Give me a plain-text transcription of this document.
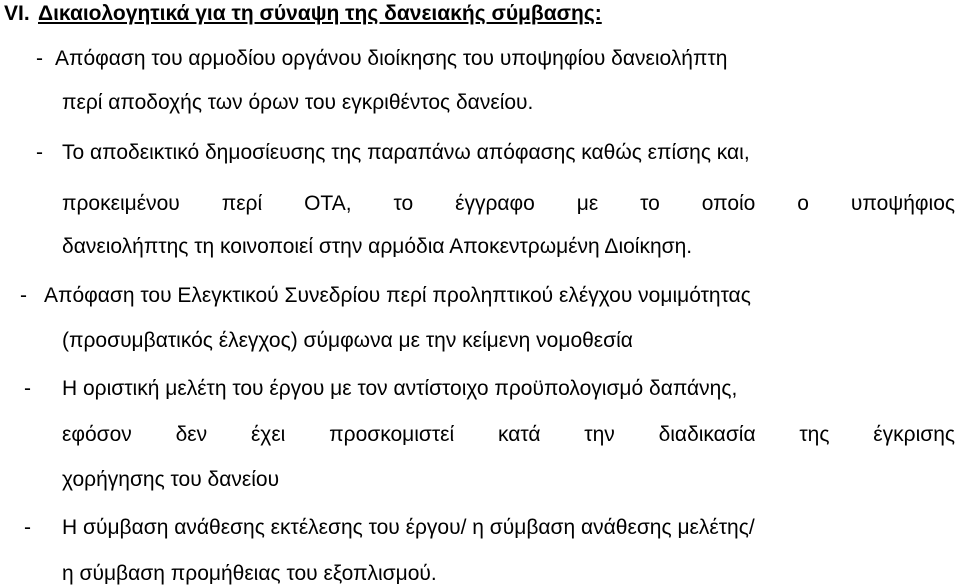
VI. Δικαιολογητικά για τη σύναψη της δανειακής σύμβασης:
- Απόφαση του αρμοδίου οργάνου διοίκησης του υποψηφίου δανειολήπτη
περί αποδοχής των όρων του εγκριθέντος δανείου.
- Το αποδεικτικό δημοσίευσης της παραπάνω απόφασης καθώς επίσης και,
προκειμένου περί ΟΤΑ, το έγγραφο με το οποίο ο υποψήφιος
δανειολήπτης τη κοινοποιεί στην αρμόδια Αποκεντρωμένη Διοίκηση.
- Απόφαση του Ελεγκτικού Συνεδρίου περί προληπτικού ελέγχου νομιμότητας
(προσυμβατικός έλεγχος) σύμφωνα με την κείμενη νομοθεσία
- Η οριστική μελέτη του έργου με τον αντίστοιχο προϋπολογισμό δαπάνης,
εφόσον δεν έχει προσκομιστεί κατά την διαδικασία της έγκρισης
χορήγησης του δανείου
- Η σύμβαση ανάθεσης εκτέλεσης του έργου/ η σύμβαση ανάθεσης μελέτης/
η σύμβαση προμήθειας του εξοπλισμού.
